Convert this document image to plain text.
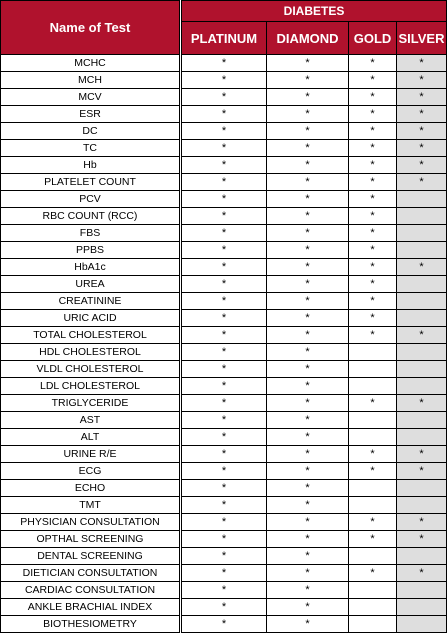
Name of Test	DIABETES			
	PLATINUM	DIAMOND	GOLD	SILVER
MCHC	*	*	*	*
MCH	*	*	*	*
MCV	*	*	*	*
ESR	*	*	*	*
DC	*	*	*	*
TC	*	*	*	*
Hb	*	*	*	*
PLATELET COUNT	*	*	*	*
PCV	*	*	*	
RBC COUNT (RCC)	*	*	*	
FBS	*	*	*	
PPBS	*	*	*	
HbA1c	*	*	*	*
UREA	*	*	*	
CREATININE	*	*	*	
URIC ACID	*	*	*	
TOTAL CHOLESTEROL	*	*	*	*
HDL CHOLESTEROL	*	*		
VLDL CHOLESTEROL	*	*		
LDL CHOLESTEROL	*	*		
TRIGLYCERIDE	*	*	*	*
AST	*	*		
ALT	*	*		
URINE R/E	*	*	*	*
ECG	*	*	*	*
ECHO	*	*		
TMT	*	*		
PHYSICIAN CONSULTATION	*	*	*	*
OPTHAL SCREENING	*	*	*	*
DENTAL SCREENING	*	*		
DIETICIAN CONSULTATION	*	*	*	*
CARDIAC CONSULTATION	*	*		
ANKLE BRACHIAL INDEX	*	*		
BIOTHESIOMETRY	*	*		
